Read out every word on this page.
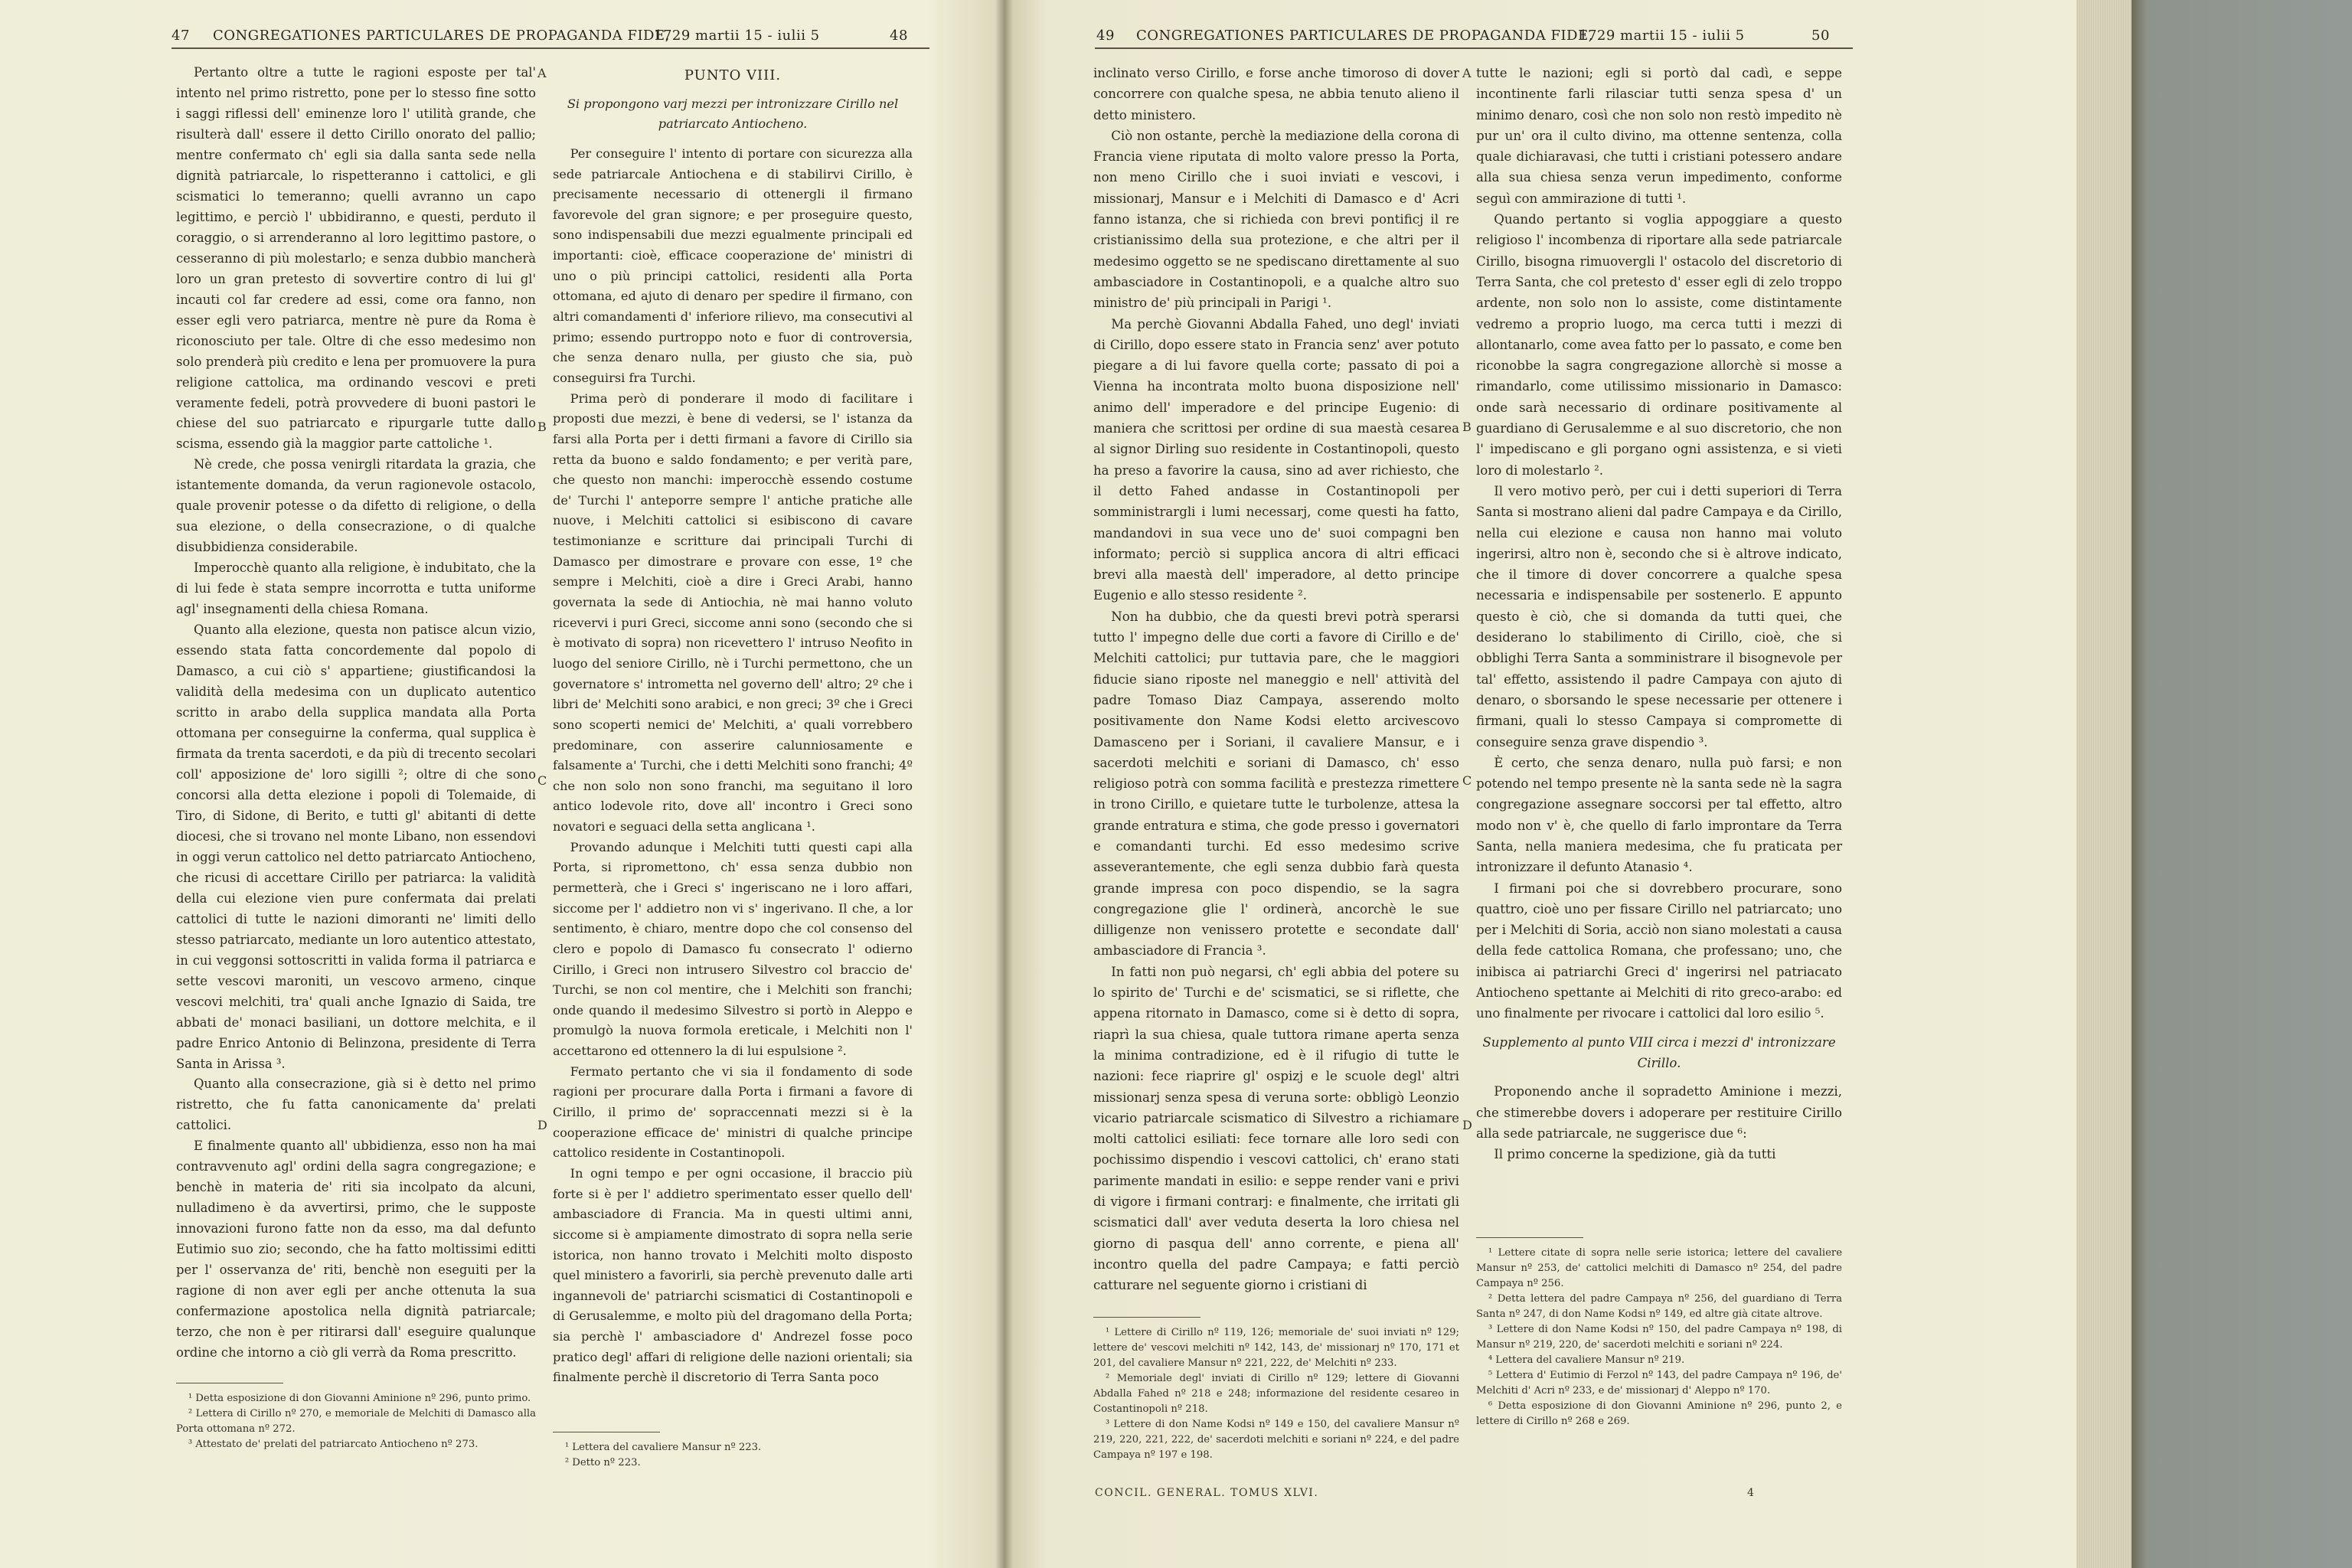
47 CONGREGATIONES PARTICULARES DE PROPAGANDA FIDE,
1729 martii 15 - iulii 5	48

Pertanto oltre a tutte le ragioni esposte per tal' intento nel primo ristretto, pone per lo stesso fine sotto i saggi riflessi dell' eminenze loro l' utilità grande, che risulterà dall' essere il detto Cirillo onorato del pallio; mentre confermato ch' egli sia dalla santa sede nella dignità patriarcale, lo rispetteranno i cattolici, e gli scismatici lo temeranno; quelli avranno un capo legittimo, e perciò l' ubbidiranno, e questi, perduto il coraggio, o si arrenderanno al loro legittimo pastore, o cesseranno di più molestarlo; e senza dubbio mancherà loro un gran pretesto di sovvertire contro di lui gl' incauti col far credere ad essi, come ora fanno, non esser egli vero patriarca, mentre nè pure da Roma è riconosciuto per tale. Oltre di che esso medesimo non solo prenderà più credito e lena per promuovere la pura religione cattolica, ma ordinando vescovi e preti veramente fedeli, potrà provvedere di buoni pastori le chiese del suo patriarcato e ripurgarle tutte dallo scisma, essendo già la maggior parte cattoliche ¹.

Nè crede, che possa venirgli ritardata la grazia, che istantemente domanda, da verun ragionevole ostacolo, quale provenir potesse o da difetto di religione, o della sua elezione, o della consecrazione, o di qualche disubbidienza considerabile.

Imperocchè quanto alla religione, è indubitato, che la di lui fede è stata sempre incorrotta e tutta uniforme agl' insegnamenti della chiesa Romana.

Quanto alla elezione, questa non patisce alcun vizio, essendo stata fatta concordemente dal popolo di Damasco, a cui ciò s' appartiene; giustificandosi la validità della medesima con un duplicato autentico scritto in arabo della supplica mandata alla Porta ottomana per conseguirne la conferma, qual supplica è firmata da trenta sacerdoti, e da più di trecento secolari coll' apposizione de' loro sigilli ²; oltre di che sono concorsi alla detta elezione i popoli di Tolemaide, di Tiro, di Sidone, di Berito, e tutti gl' abitanti di dette diocesi, che si trovano nel monte Libano, non essendovi in oggi verun cattolico nel detto patriarcato Antiocheno, che ricusi di accettare Cirillo per patriarca: la validità della cui elezione vien pure confermata dai prelati cattolici di tutte le nazioni dimoranti ne' limiti dello stesso patriarcato, mediante un loro autentico attestato, in cui veggonsi sottoscritti in valida forma il patriarca e sette vescovi maroniti, un vescovo armeno, cinque vescovi melchiti, tra' quali anche Ignazio di Saida, tre abbati de' monaci basiliani, un dottore melchita, e il padre Enrico Antonio di Belinzona, presidente di Terra Santa in Arissa ³.

Quanto alla consecrazione, già si è detto nel primo ristretto, che fu fatta canonicamente da' prelati cattolici.

E finalmente quanto all' ubbidienza, esso non ha mai contravvenuto agl' ordini della sagra congregazione; e benchè in materia de' riti sia incolpato da alcuni, nulladimeno è da avvertirsi, primo, che le supposte innovazioni furono fatte non da esso, ma dal defunto Eutimio suo zio; secondo, che ha fatto moltissimi editti per l' osservanza de' riti, benchè non eseguiti per la ragione di non aver egli per anche ottenuta la sua confermazione apostolica nella dignità patriarcale; terzo, che non è per ritirarsi dall' eseguire qualunque ordine che intorno a ciò gli verrà da Roma prescritto.

¹ Detta esposizione di don Giovanni Aminione nº 296, punto primo.

² Lettera di Cirillo nº 270, e memoriale de Melchiti di Damasco alla Porta ottomana nº 272.

³ Attestato de' prelati del patriarcato Antiocheno nº 273.

A
B
C
D
PUNTO VIII.

Si propongono varj mezzi per intronizzare Cirillo nel patriarcato Antiocheno.

Per conseguire l' intento di portare con sicurezza alla sede patriarcale Antiochena e di stabilirvi Cirillo, è precisamente necessario di ottenergli il firmano favorevole del gran signore; e per proseguire questo, sono indispensabili due mezzi egualmente principali ed importanti: cioè, efficace cooperazione de' ministri di uno o più principi cattolici, residenti alla Porta ottomana, ed ajuto di denaro per spedire il firmano, con altri comandamenti d' inferiore rilievo, ma consecutivi al primo; essendo purtroppo noto e fuor di controversia, che senza denaro nulla, per giusto che sia, può conseguirsi fra Turchi.

Prima però di ponderare il modo di facilitare i proposti due mezzi, è bene di vedersi, se l' istanza da farsi alla Porta per i detti firmani a favore di Cirillo sia retta da buono e saldo fondamento; e per verità pare, che questo non manchi: imperocchè essendo costume de' Turchi l' anteporre sempre l' antiche pratiche alle nuove, i Melchiti cattolici si esibiscono di cavare testimonianze e scritture dai principali Turchi di Damasco per dimostrare e provare con esse, 1º che sempre i Melchiti, cioè a dire i Greci Arabi, hanno governata la sede di Antiochia, nè mai hanno voluto ricevervi i puri Greci, siccome anni sono (secondo che si è motivato di sopra) non ricevettero l' intruso Neofito in luogo del seniore Cirillo, nè i Turchi permettono, che un governatore s' intrometta nel governo dell' altro; 2º che i libri de' Melchiti sono arabici, e non greci; 3º che i Greci sono scoperti nemici de' Melchiti, a' quali vorrebbero predominare, con asserire calunniosamente e falsamente a' Turchi, che i detti Melchiti sono franchi; 4º che non solo non sono franchi, ma seguitano il loro antico lodevole rito, dove all' incontro i Greci sono novatori e seguaci della setta anglicana ¹.

Provando adunque i Melchiti tutti questi capi alla Porta, si ripromettono, ch' essa senza dubbio non permetterà, che i Greci s' ingeriscano ne i loro affari, siccome per l' addietro non vi s' ingerivano. Il che, a lor sentimento, è chiaro, mentre dopo che col consenso del clero e popolo di Damasco fu consecrato l' odierno Cirillo, i Greci non intrusero Silvestro col braccio de' Turchi, se non col mentire, che i Melchiti son franchi; onde quando il medesimo Silvestro si portò in Aleppo e promulgò la nuova formola ereticale, i Melchiti non l' accettarono ed ottennero la di lui espulsione ².

Fermato pertanto che vi sia il fondamento di sode ragioni per procurare dalla Porta i firmani a favore di Cirillo, il primo de' sopraccennati mezzi si è la cooperazione efficace de' ministri di qualche principe cattolico residente in Costantinopoli.

In ogni tempo e per ogni occasione, il braccio più forte si è per l' addietro sperimentato esser quello dell' ambasciadore di Francia. Ma in questi ultimi anni, siccome si è ampiamente dimostrato di sopra nella serie istorica, non hanno trovato i Melchiti molto disposto quel ministero a favorirli, sia perchè prevenuto dalle arti ingannevoli de' patriarchi scismatici di Costantinopoli e di Gerusalemme, e molto più del dragomano della Porta; sia perchè l' ambasciadore d' Andrezel fosse poco pratico degl' affari di religione delle nazioni orientali; sia finalmente perchè il discretorio di Terra Santa poco

¹ Lettera del cavaliere Mansur nº 223.

² Detto nº 223.

49 CONGREGATIONES PARTICULARES DE PROPAGANDA FIDE,
1729 martii 15 - iulii 5	50

inclinato verso Cirillo, e forse anche timoroso di dover concorrere con qualche spesa, ne abbia tenuto alieno il detto ministero.

Ciò non ostante, perchè la mediazione della corona di Francia viene riputata di molto valore presso la Porta, non meno Cirillo che i suoi inviati e vescovi, i missionarj, Mansur e i Melchiti di Damasco e d' Acri fanno istanza, che si richieda con brevi pontificj il re cristianissimo della sua protezione, e che altri per il medesimo oggetto se ne spediscano direttamente al suo ambasciadore in Costantinopoli, e a qualche altro suo ministro de' più principali in Parigi ¹.

Ma perchè Giovanni Abdalla Fahed, uno degl' inviati di Cirillo, dopo essere stato in Francia senz' aver potuto piegare a di lui favore quella corte; passato di poi a Vienna ha incontrata molto buona disposizione nell' animo dell' imperadore e del principe Eugenio: di maniera che scrittosi per ordine di sua maestà cesarea al signor Dirling suo residente in Costantinopoli, questo ha preso a favorire la causa, sino ad aver richiesto, che il detto Fahed andasse in Costantinopoli per somministrargli i lumi necessarj, come questi ha fatto, mandandovi in sua vece uno de' suoi compagni ben informato; perciò si supplica ancora di altri efficaci brevi alla maestà dell' imperadore, al detto principe Eugenio e allo stesso residente ².

Non ha dubbio, che da questi brevi potrà sperarsi tutto l' impegno delle due corti a favore di Cirillo e de' Melchiti cattolici; pur tuttavia pare, che le maggiori fiducie siano riposte nel maneggio e nell' attività del padre Tomaso Diaz Campaya, asserendo molto positivamente don Name Kodsi eletto arcivescovo Damasceno per i Soriani, il cavaliere Mansur, e i sacerdoti melchiti e soriani di Damasco, ch' esso religioso potrà con somma facilità e prestezza rimettere in trono Cirillo, e quietare tutte le turbolenze, attesa la grande entratura e stima, che gode presso i governatori e comandanti turchi. Ed esso medesimo scrive asseverantemente, che egli senza dubbio farà questa grande impresa con poco dispendio, se la sagra congregazione glie l' ordinerà, ancorchè le sue dilligenze non venissero protette e secondate dall' ambasciadore di Francia ³.

In fatti non può negarsi, ch' egli abbia del potere su lo spirito de' Turchi e de' scismatici, se si riflette, che appena ritornato in Damasco, come si è detto di sopra, riaprì la sua chiesa, quale tuttora rimane aperta senza la minima contradizione, ed è il rifugio di tutte le nazioni: fece riaprire gl' ospizj e le scuole degl' altri missionarj senza spesa di veruna sorte: obbligò Leonzio vicario patriarcale scismatico di Silvestro a richiamare molti cattolici esiliati: fece tornare alle loro sedi con pochissimo dispendio i vescovi cattolici, ch' erano stati parimente mandati in esilio: e seppe render vani e privi di vigore i firmani contrarj: e finalmente, che irritati gli scismatici dall' aver veduta deserta la loro chiesa nel giorno di pasqua dell' anno corrente, e piena all' incontro quella del padre Campaya; e fatti perciò catturare nel seguente giorno i cristiani di

¹ Lettere di Cirillo nº 119, 126; memoriale de' suoi inviati nº 129; lettere de' vescovi melchiti nº 142, 143, de' missionarj nº 170, 171 et 201, del cavaliere Mansur nº 221, 222, de' Melchiti nº 233.

² Memoriale degl' inviati di Cirillo nº 129; lettere di Giovanni Abdalla Fahed nº 218 e 248; informazione del residente cesareo in Costantinopoli nº 218.

³ Lettere di don Name Kodsi nº 149 e 150, del cavaliere Mansur nº 219, 220, 221, 222, de' sacerdoti melchiti e soriani nº 224, e del padre Campaya nº 197 e 198.

CONCIL. GENERAL. TOMUS XLVI.
A
B
C
D

tutte le nazioni; egli si portò dal cadì, e seppe incontinente farli rilasciar tutti senza spesa d' un minimo denaro, così che non solo non restò impedito nè pur un' ora il culto divino, ma ottenne sentenza, colla quale dichiaravasi, che tutti i cristiani potessero andare alla sua chiesa senza verun impedimento, conforme seguì con ammirazione di tutti ¹.

Quando pertanto si voglia appoggiare a questo religioso l' incombenza di riportare alla sede patriarcale Cirillo, bisogna rimuovergli l' ostacolo del discretorio di Terra Santa, che col pretesto d' esser egli di zelo troppo ardente, non solo non lo assiste, come distintamente vedremo a proprio luogo, ma cerca tutti i mezzi di allontanarlo, come avea fatto per lo passato, e come ben riconobbe la sagra congregazione allorchè si mosse a rimandarlo, come utilissimo missionario in Damasco: onde sarà necessario di ordinare positivamente al guardiano di Gerusalemme e al suo discretorio, che non l' impediscano e gli porgano ogni assistenza, e si vieti loro di molestarlo ².

Il vero motivo però, per cui i detti superiori di Terra Santa si mostrano alieni dal padre Campaya e da Cirillo, nella cui elezione e causa non hanno mai voluto ingerirsi, altro non è, secondo che si è altrove indicato, che il timore di dover concorrere a qualche spesa necessaria e indispensabile per sostenerlo. E appunto questo è ciò, che si domanda da tutti quei, che desiderano lo stabilimento di Cirillo, cioè, che si obblighi Terra Santa a somministrare il bisognevole per tal' effetto, assistendo il padre Campaya con ajuto di denaro, o sborsando le spese necessarie per ottenere i firmani, quali lo stesso Campaya si compromette di conseguire senza grave dispendio ³.

È certo, che senza denaro, nulla può farsi; e non potendo nel tempo presente nè la santa sede nè la sagra congregazione assegnare soccorsi per tal effetto, altro modo non v' è, che quello di farlo improntare da Terra Santa, nella maniera medesima, che fu praticata per intronizzare il defunto Atanasio ⁴.

I firmani poi che si dovrebbero procurare, sono quattro, cioè uno per fissare Cirillo nel patriarcato; uno per i Melchiti di Soria, acciò non siano molestati a causa della fede cattolica Romana, che professano; uno, che inibisca ai patriarchi Greci d' ingerirsi nel patriacato Antiocheno spettante ai Melchiti di rito greco-arabo: ed uno finalmente per rivocare i cattolici dal loro esilio ⁵.

Supplemento al punto VIII circa i mezzi d' intronizzare Cirillo.

Proponendo anche il sopradetto Aminione i mezzi, che stimerebbe dovers i adoperare per restituire Cirillo alla sede patriarcale, ne suggerisce due ⁶:

Il primo concerne la spedizione, già da tutti

¹ Lettere citate di sopra nelle serie istorica; lettere del cavaliere Mansur nº 253, de' cattolici melchiti di Damasco nº 254, del padre Campaya nº 256.

² Detta lettera del padre Campaya nº 256, del guardiano di Terra Santa nº 247, di don Name Kodsi nº 149, ed altre già citate altrove.

³ Lettere di don Name Kodsi nº 150, del padre Campaya nº 198, di Mansur nº 219, 220, de' sacerdoti melchiti e soriani nº 224.

⁴ Lettera del cavaliere Mansur nº 219.

⁵ Lettera d' Eutimio di Ferzol nº 143, del padre Campaya nº 196, de' Melchiti d' Acri nº 233, e de' missionarj d' Aleppo nº 170.

⁶ Detta esposizione di don Giovanni Aminione nº 296, punto 2, e lettere di Cirillo nº 268 e 269.

4
